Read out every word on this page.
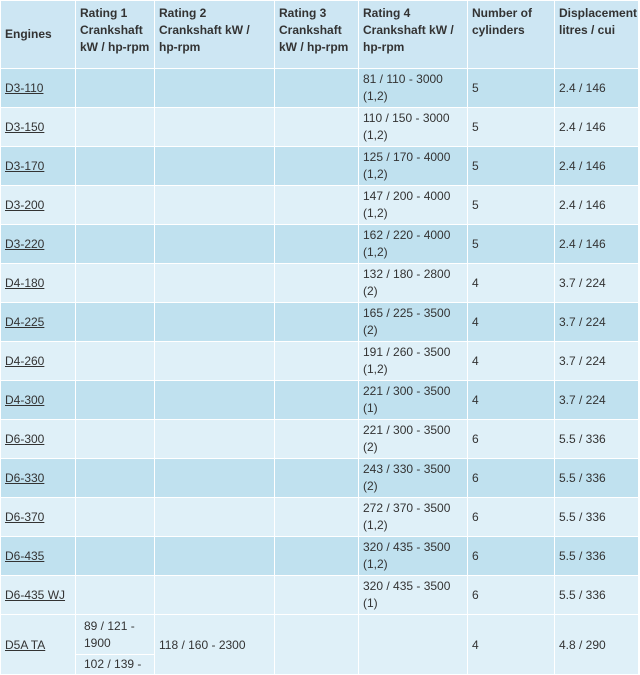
Engines	Rating 1 Crankshaft kW / hp-rpm	Rating 2 Crankshaft kW / hp-rpm	Rating 3 Crankshaft kW / hp-rpm	Rating 4 Crankshaft kW / hp-rpm	Number of cylinders	Displacement litres / cui
D3-110				81 / 110 - 3000
(1,2)	5	2.4 / 146
D3-150				110 / 150 - 3000
(1,2)	5	2.4 / 146
D3-170				125 / 170 - 4000
(1,2)	5	2.4 / 146
D3-200				147 / 200 - 4000
(1,2)	5	2.4 / 146
D3-220				162 / 220 - 4000
(1,2)	5	2.4 / 146
D4-180				132 / 180 - 2800
(2)	4	3.7 / 224
D4-225				165 / 225 - 3500
(2)	4	3.7 / 224
D4-260				191 / 260 - 3500
(1,2)	4	3.7 / 224
D4-300				221 / 300 - 3500
(1)	4	3.7 / 224
D6-300				221 / 300 - 3500
(2)	6	5.5 / 336
D6-330				243 / 330 - 3500
(2)	6	5.5 / 336
D6-370				272 / 370 - 3500
(1,2)	6	5.5 / 336
D6-435				320 / 435 - 3500
(1,2)	6	5.5 / 336
D6-435 WJ				320 / 435 - 3500
(1)	6	5.5 / 336
D5A TA	89 / 121 -
1900	118 / 160 - 2300			4	4.8 / 290
	102 / 139 -					
